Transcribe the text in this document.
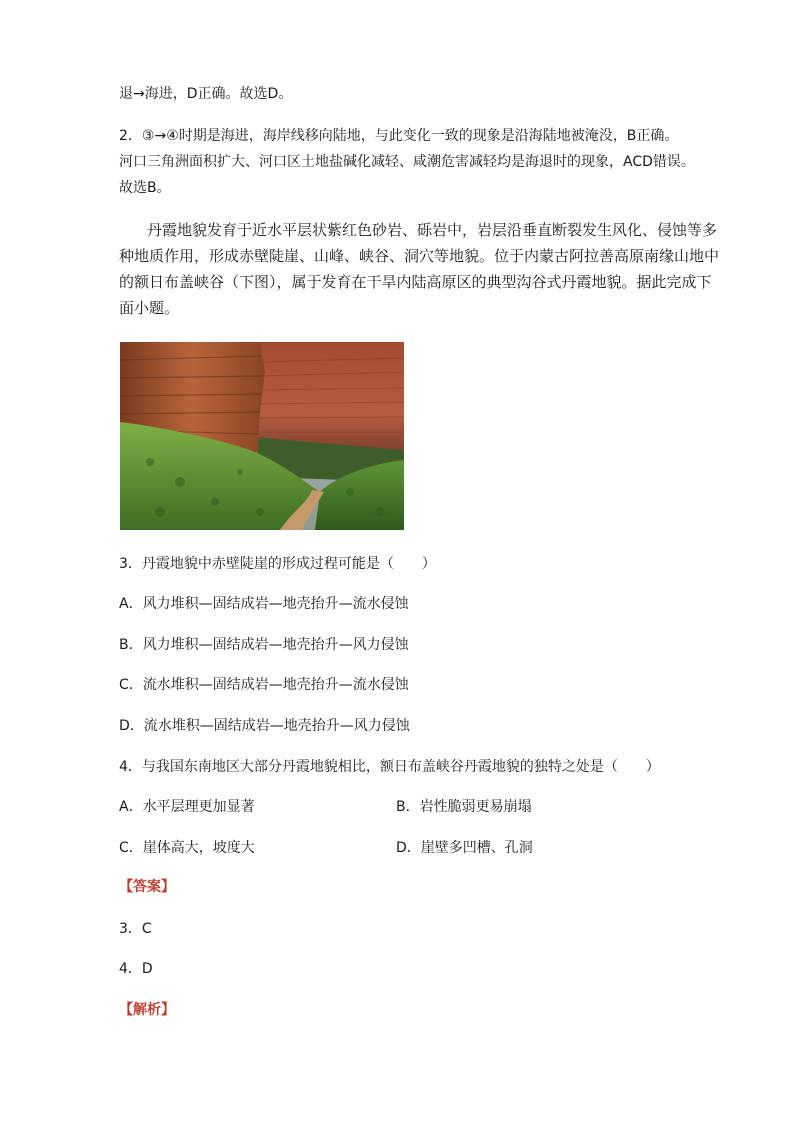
退→海进，D正确。故选D。

2．③→④时期是海进，海岸线移向陆地，与此变化一致的现象是沿海陆地被淹没，B正确。

河口三角洲面积扩大、河口区土地盐碱化减轻、咸潮危害减轻均是海退时的现象，ACD错误。

故选B。

丹霞地貌发育于近水平层状紫红色砂岩、砾岩中，岩层沿垂直断裂发生风化、侵蚀等多

种地质作用，形成赤壁陡崖、山峰、峡谷、洞穴等地貌。位于内蒙古阿拉善高原南缘山地中

的额日布盖峡谷（下图），属于发育在干旱内陆高原区的典型沟谷式丹霞地貌。据此完成下

面小题。

3．丹霞地貌中赤壁陡崖的形成过程可能是（　　）

A．风力堆积—固结成岩—地壳抬升—流水侵蚀

B．风力堆积—固结成岩—地壳抬升—风力侵蚀

C．流水堆积—固结成岩—地壳抬升—流水侵蚀

D．流水堆积—固结成岩—地壳抬升—风力侵蚀

4．与我国东南地区大部分丹霞地貌相比，额日布盖峡谷丹霞地貌的独特之处是（　　）

A．水平层理更加显著	B．岩性脆弱更易崩塌

C．崖体高大，坡度大	D．崖壁多凹槽、孔洞

【答案】

3．C

4．D

【解析】
